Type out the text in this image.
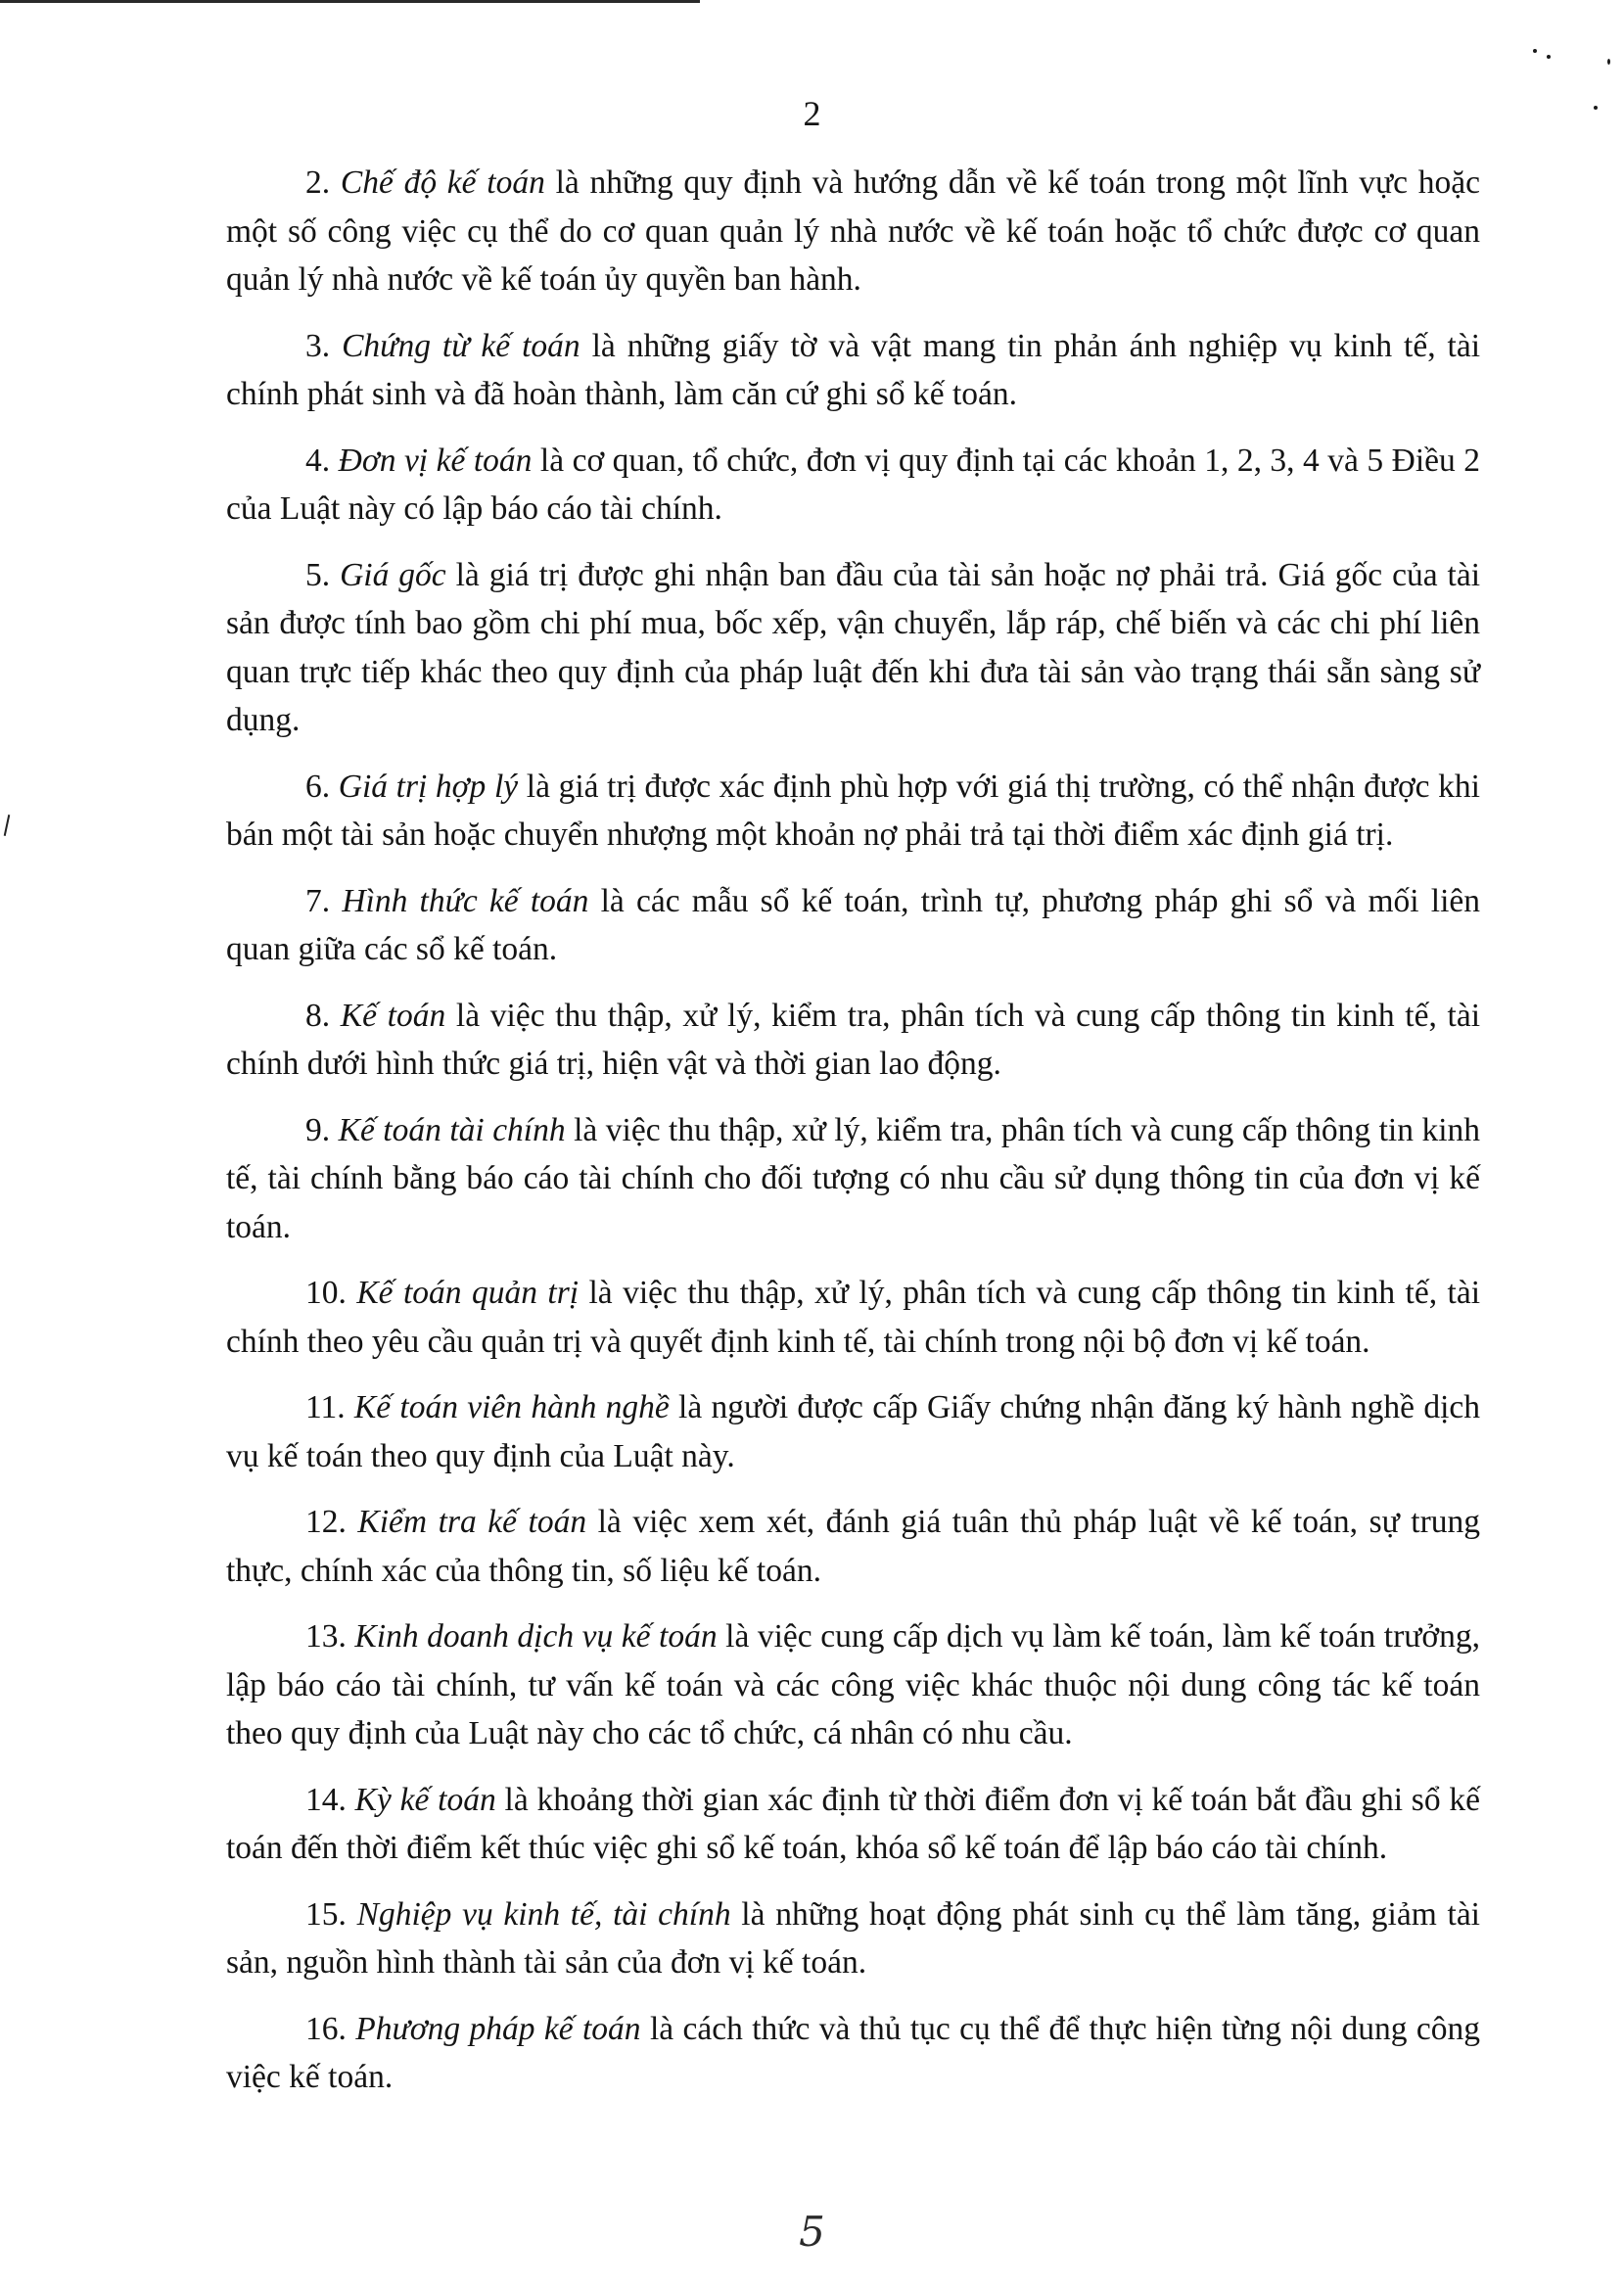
2

2. Chế độ kế toán là những quy định và hướng dẫn về kế toán trong một lĩnh vực hoặc một số công việc cụ thể do cơ quan quản lý nhà nước về kế toán hoặc tổ chức được cơ quan quản lý nhà nước về kế toán ủy quyền ban hành.

3. Chứng từ kế toán là những giấy tờ và vật mang tin phản ánh nghiệp vụ kinh tế, tài chính phát sinh và đã hoàn thành, làm căn cứ ghi sổ kế toán.

4. Đơn vị kế toán là cơ quan, tổ chức, đơn vị quy định tại các khoản 1, 2, 3, 4 và 5 Điều 2 của Luật này có lập báo cáo tài chính.

5. Giá gốc là giá trị được ghi nhận ban đầu của tài sản hoặc nợ phải trả. Giá gốc của tài sản được tính bao gồm chi phí mua, bốc xếp, vận chuyển, lắp ráp, chế biến và các chi phí liên quan trực tiếp khác theo quy định của pháp luật đến khi đưa tài sản vào trạng thái sẵn sàng sử dụng.

6. Giá trị hợp lý là giá trị được xác định phù hợp với giá thị trường, có thể nhận được khi bán một tài sản hoặc chuyển nhượng một khoản nợ phải trả tại thời điểm xác định giá trị.

7. Hình thức kế toán là các mẫu sổ kế toán, trình tự, phương pháp ghi sổ và mối liên quan giữa các sổ kế toán.

8. Kế toán là việc thu thập, xử lý, kiểm tra, phân tích và cung cấp thông tin kinh tế, tài chính dưới hình thức giá trị, hiện vật và thời gian lao động.

9. Kế toán tài chính là việc thu thập, xử lý, kiểm tra, phân tích và cung cấp thông tin kinh tế, tài chính bằng báo cáo tài chính cho đối tượng có nhu cầu sử dụng thông tin của đơn vị kế toán.

10. Kế toán quản trị là việc thu thập, xử lý, phân tích và cung cấp thông tin kinh tế, tài chính theo yêu cầu quản trị và quyết định kinh tế, tài chính trong nội bộ đơn vị kế toán.

11. Kế toán viên hành nghề là người được cấp Giấy chứng nhận đăng ký hành nghề dịch vụ kế toán theo quy định của Luật này.

12. Kiểm tra kế toán là việc xem xét, đánh giá tuân thủ pháp luật về kế toán, sự trung thực, chính xác của thông tin, số liệu kế toán.

13. Kinh doanh dịch vụ kế toán là việc cung cấp dịch vụ làm kế toán, làm kế toán trưởng, lập báo cáo tài chính, tư vấn kế toán và các công việc khác thuộc nội dung công tác kế toán theo quy định của Luật này cho các tổ chức, cá nhân có nhu cầu.

14. Kỳ kế toán là khoảng thời gian xác định từ thời điểm đơn vị kế toán bắt đầu ghi sổ kế toán đến thời điểm kết thúc việc ghi sổ kế toán, khóa sổ kế toán để lập báo cáo tài chính.

15. Nghiệp vụ kinh tế, tài chính là những hoạt động phát sinh cụ thể làm tăng, giảm tài sản, nguồn hình thành tài sản của đơn vị kế toán.

16. Phương pháp kế toán là cách thức và thủ tục cụ thể để thực hiện từng nội dung công việc kế toán.

5
